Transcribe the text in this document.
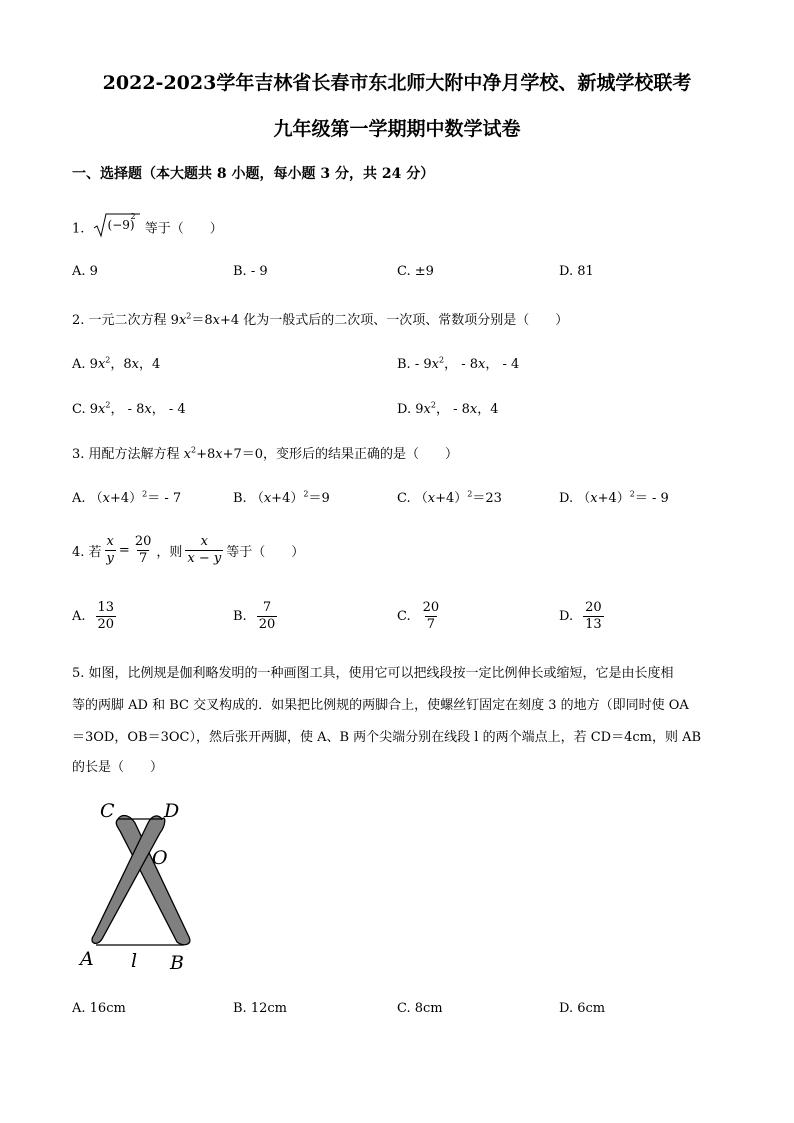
2022-2023学年吉林省长春市东北师大附中净月学校、新城学校联考
九年级第一学期期中数学试卷
一、选择题（本大题共 8 小题，每小题 3 分，共 24 分）
1. (−9)
2
等于（　　）
A. 9	B. - 9	C. ±9	D. 81
2. 一元二次方程 $9x^2=8x+4$ 化为一般式后的二次项、一次项、常数项分别是（　　）
A. $9x^2$，8x，4	B. - $9x^2$， - 8x， - 4
C. $9x^2$， - 8x， - 4	D. $9x^2$， - 8x，4
3. 用配方法解方程 $x^2+8x+7=0$，变形后的结果正确的是（　　）
A. $(x+4)^2= - 7$	B. $(x+4)^2=9$	C. $(x+4)^2=23$	D. $(x+4)^2= - 9$
4. 若 $\frac{x}{y} = \frac{20}{7}$ ，则 $\frac{x}{x - y}$ 等于（　　）
A. $\frac{13}{20}$	B. $\frac{7}{20}$	C. $\frac{20}{7}$	D. $\frac{20}{13}$
5. 如图，比例规是伽利略发明的一种画图工具，使用它可以把线段按一定比例伸长或缩短，它是由长度相
等的两脚 AD 和 BC 交叉构成的．如果把比例规的两脚合上，使螺丝钉固定在刻度 3 的地方（即同时使 OA
＝3OD，OB＝3OC），然后张开两脚，使 A、B 两个尖端分别在线段 l 的两个端点上，若 CD＝4cm，则 AB
的长是（　　）
C	D
O
A l B
A. 16cm	B. 12cm	C. 8cm	D. 6cm
